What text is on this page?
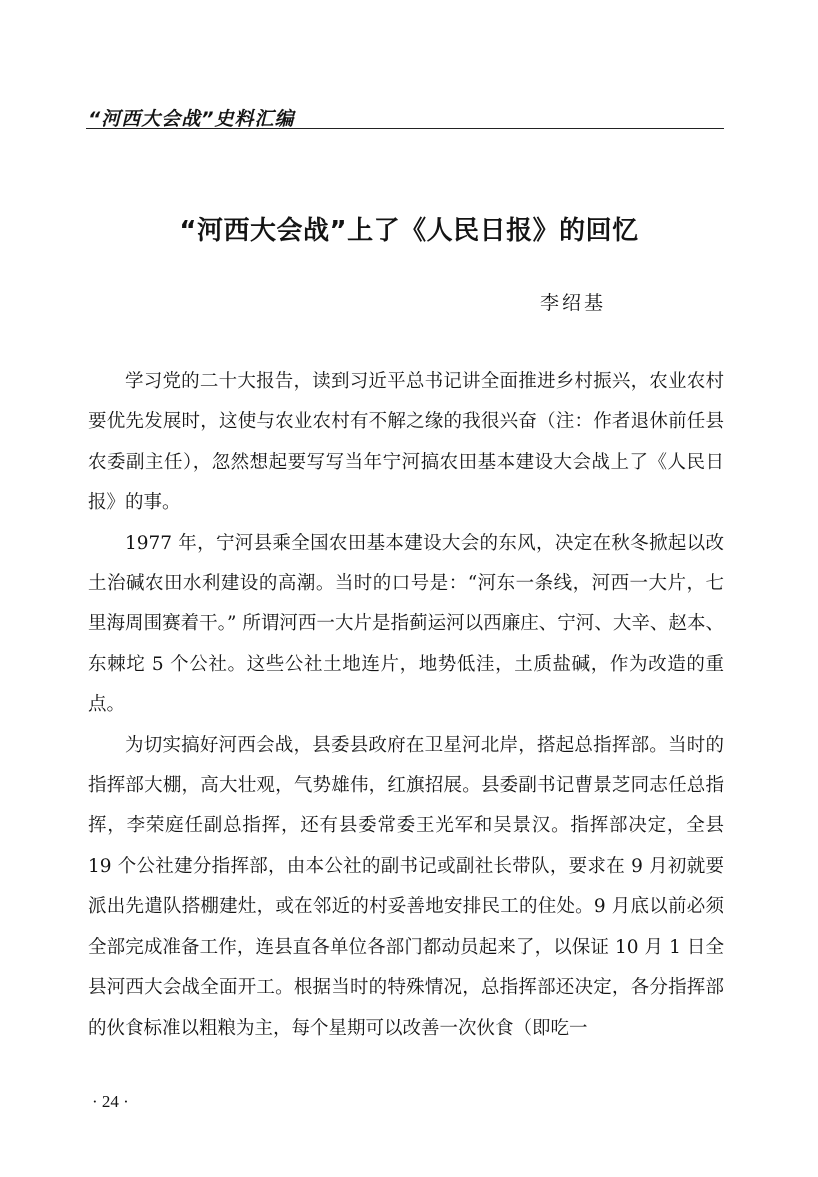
“河西大会战”史料汇编
“河西大会战”上了《人民日报》的回忆
李绍基

学习党的二十大报告，读到习近平总书记讲全面推进乡村振兴，农业农村要优先发展时，这使与农业农村有不解之缘的我很兴奋（注：作者退休前任县农委副主任），忽然想起要写写当年宁河搞农田基本建设大会战上了《人民日报》的事。

1977 年，宁河县乘全国农田基本建设大会的东风，决定在秋冬掀起以改土治碱农田水利建设的高潮。当时的口号是：“河东一条线，河西一大片，七里海周围赛着干。” 所谓河西一大片是指蓟运河以西廉庄、宁河、大辛、赵本、东棘坨 5 个公社。这些公社土地连片，地势低洼，土质盐碱，作为改造的重点。

为切实搞好河西会战，县委县政府在卫星河北岸，搭起总指挥部。当时的指挥部大棚，高大壮观，气势雄伟，红旗招展。县委副书记曹景芝同志任总指挥，李荣庭任副总指挥，还有县委常委王光军和吴景汉。指挥部决定，全县 19 个公社建分指挥部，由本公社的副书记或副社长带队，要求在 9 月初就要派出先遣队搭棚建灶，或在邻近的村妥善地安排民工的住处。9 月底以前必须全部完成准备工作，连县直各单位各部门都动员起来了，以保证 10 月 1 日全县河西大会战全面开工。根据当时的特殊情况，总指挥部还决定，各分指挥部的伙食标准以粗粮为主，每个星期可以改善一次伙食（即吃一

· 24 ·
